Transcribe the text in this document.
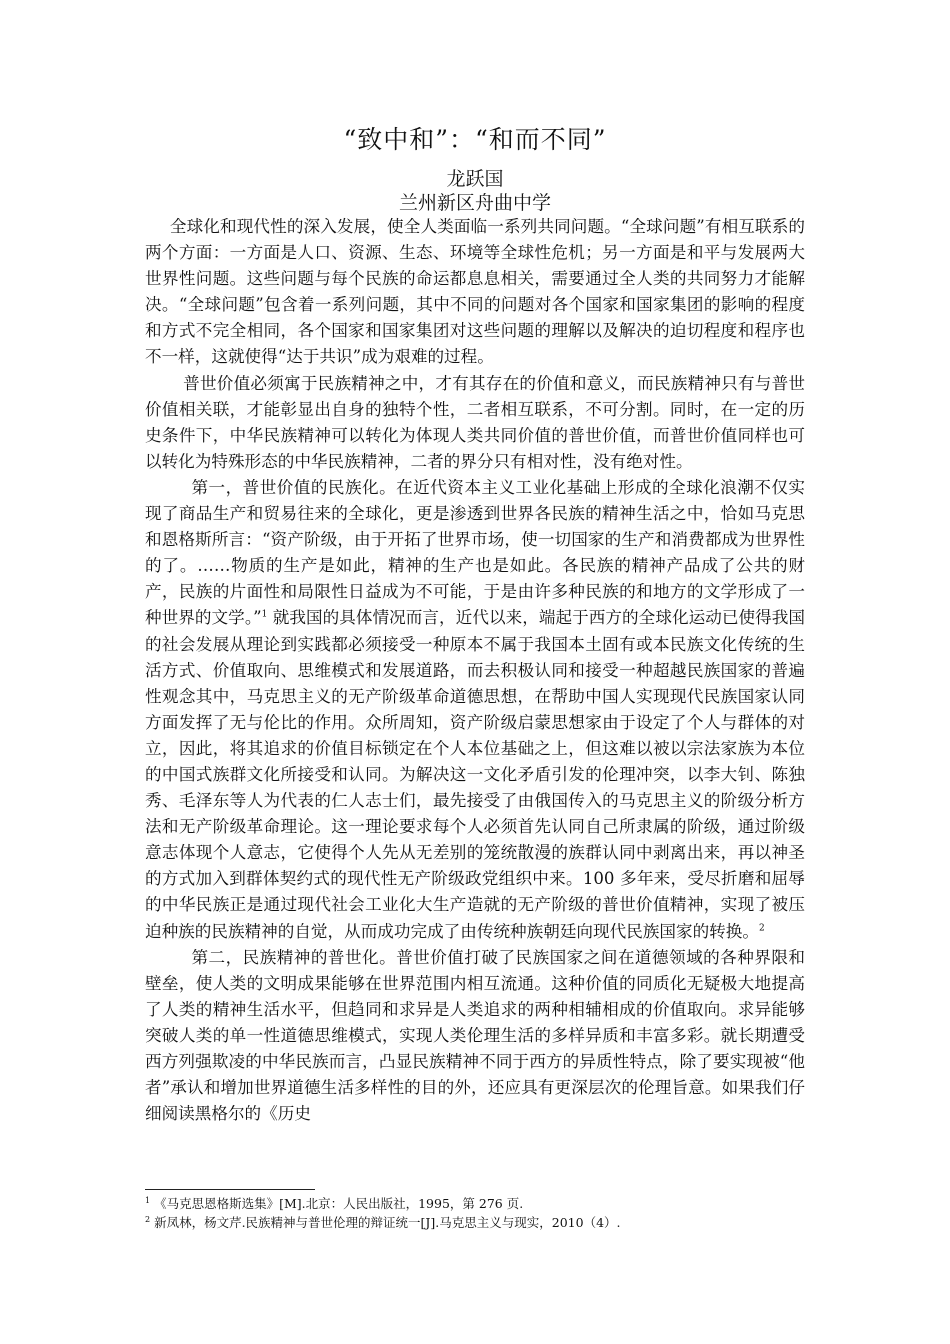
“致中和”：“和而不同”
龙跃国
兰州新区舟曲中学

全球化和现代性的深入发展，使全人类面临一系列共同问题。“全球问题”有相互联系的两个方面：一方面是人口、资源、生态、环境等全球性危机；另一方面是和平与发展两大世界性问题。这些问题与每个民族的命运都息息相关，需要通过全人类的共同努力才能解决。“全球问题”包含着一系列问题，其中不同的问题对各个国家和国家集团的影响的程度和方式不完全相同，各个国家和国家集团对这些问题的理解以及解决的迫切程度和程序也不一样，这就使得“达于共识”成为艰难的过程。

普世价值必须寓于民族精神之中，才有其存在的价值和意义，而民族精神只有与普世价值相关联，才能彰显出自身的独特个性，二者相互联系，不可分割。同时，在一定的历史条件下，中华民族精神可以转化为体现人类共同价值的普世价值，而普世价值同样也可以转化为特殊形态的中华民族精神，二者的界分只有相对性，没有绝对性。

第一，普世价值的民族化。在近代资本主义工业化基础上形成的全球化浪潮不仅实现了商品生产和贸易往来的全球化，更是渗透到世界各民族的精神生活之中，恰如马克思和恩格斯所言：“资产阶级，由于开拓了世界市场，使一切国家的生产和消费都成为世界性的了。……物质的生产是如此，精神的生产也是如此。各民族的精神产品成了公共的财产，民族的片面性和局限性日益成为不可能，于是由许多种民族的和地方的文学形成了一种世界的文学。”$^1$ 就我国的具体情况而言，近代以来，端起于西方的全球化运动已使得我国的社会发展从理论到实践都必须接受一种原本不属于我国本土固有或本民族文化传统的生活方式、价值取向、思维模式和发展道路，而去积极认同和接受一种超越民族国家的普遍性观念其中，马克思主义的无产阶级革命道德思想，在帮助中国人实现现代民族国家认同方面发挥了无与伦比的作用。众所周知，资产阶级启蒙思想家由于设定了个人与群体的对立，因此，将其追求的价值目标锁定在个人本位基础之上，但这难以被以宗法家族为本位的中国式族群文化所接受和认同。为解决这一文化矛盾引发的伦理冲突，以李大钊、陈独秀、毛泽东等人为代表的仁人志士们，最先接受了由俄国传入的马克思主义的阶级分析方法和无产阶级革命理论。这一理论要求每个人必须首先认同自己所隶属的阶级，通过阶级意志体现个人意志，它使得个人先从无差别的笼统散漫的族群认同中剥离出来，再以神圣的方式加入到群体契约式的现代性无产阶级政党组织中来。100 多年来，受尽折磨和屈辱的中华民族正是通过现代社会工业化大生产造就的无产阶级的普世价值精神，实现了被压迫种族的民族精神的自觉，从而成功完成了由传统种族朝廷向现代民族国家的转换。$^2$

第二，民族精神的普世化。普世价值打破了民族国家之间在道德领域的各种界限和壁垒，使人类的文明成果能够在世界范围内相互流通。这种价值的同质化无疑极大地提高了人类的精神生活水平，但趋同和求异是人类追求的两种相辅相成的价值取向。求异能够突破人类的单一性道德思维模式，实现人类伦理生活的多样异质和丰富多彩。就长期遭受西方列强欺凌的中华民族而言，凸显民族精神不同于西方的异质性特点，除了要实现被“他者”承认和增加世界道德生活多样性的目的外，还应具有更深层次的伦理旨意。如果我们仔细阅读黑格尔的《历史

$^1$ 《马克思恩格斯选集》[M].北京：人民出版社，1995，第 276 页.

$^2$ 新凤林，杨文芹.民族精神与普世伦理的辩证统一[J].马克思主义与现实，2010（4）.
